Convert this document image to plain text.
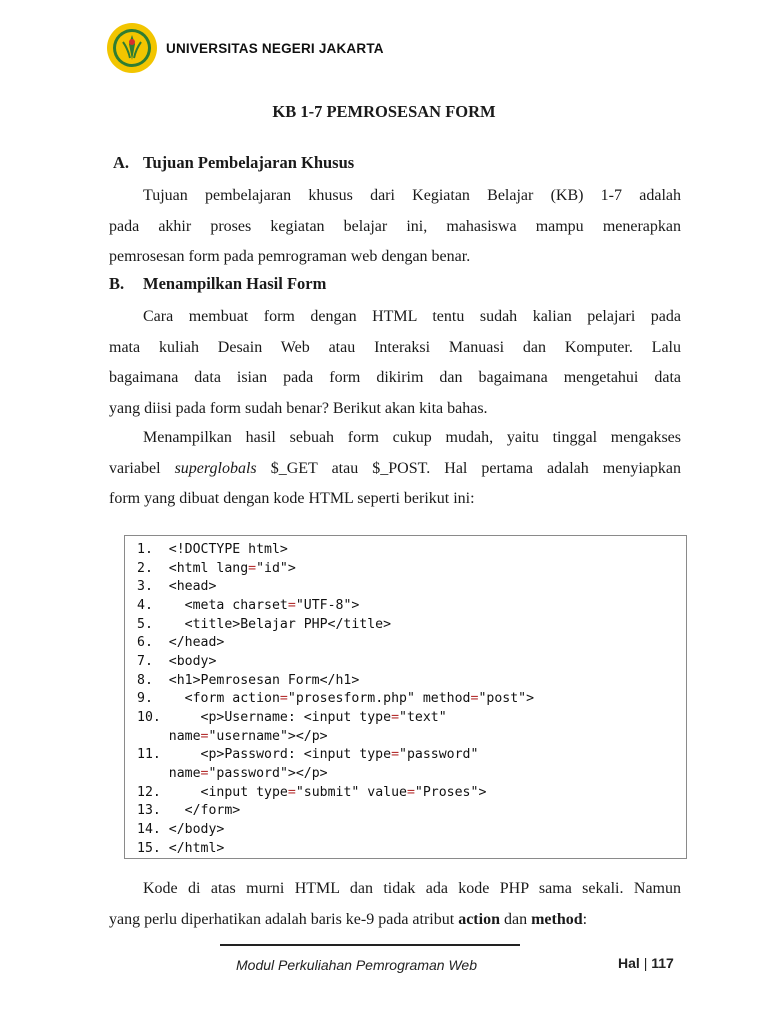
UNIVERSITAS NEGERI JAKARTA
KB 1-7 PEMROSESAN FORM
A. Tujuan Pembelajaran Khusus
Tujuan pembelajaran khusus dari Kegiatan Belajar (KB) 1-7 adalah
pada akhir proses kegiatan belajar ini, mahasiswa mampu menerapkan
pemrosesan form pada pemrograman web dengan benar.
B. Menampilkan Hasil Form
Cara membuat form dengan HTML tentu sudah kalian pelajari pada
mata kuliah Desain Web atau Interaksi Manuasi dan Komputer. Lalu
bagaimana data isian pada form dikirim dan bagaimana mengetahui data
yang diisi pada form sudah benar? Berikut akan kita bahas.
Menampilkan hasil sebuah form cukup mudah, yaitu tinggal mengakses
variabel superglobals $_GET atau $_POST. Hal pertama adalah menyiapkan
form yang dibuat dengan kode HTML seperti berikut ini:
1.  <!DOCTYPE html>
2.  <html lang="id">
3.  <head>
4.    <meta charset="UTF-8">
5.    <title>Belajar PHP</title>
6.  </head>
7.  <body>
8.  <h1>Pemrosesan Form</h1>
9.    <form action="prosesform.php" method="post">
10.     <p>Username: <input type="text"
name="username"></p>
11.     <p>Password: <input type="password"
name="password"></p>
12.     <input type="submit" value="Proses">
13.   </form>
14. </body>
15. </html>
Kode di atas murni HTML dan tidak ada kode PHP sama sekali. Namun
yang perlu diperhatikan adalah baris ke-9 pada atribut action dan method:
Modul Perkuliahan Pemrograman Web	Hal | 117
